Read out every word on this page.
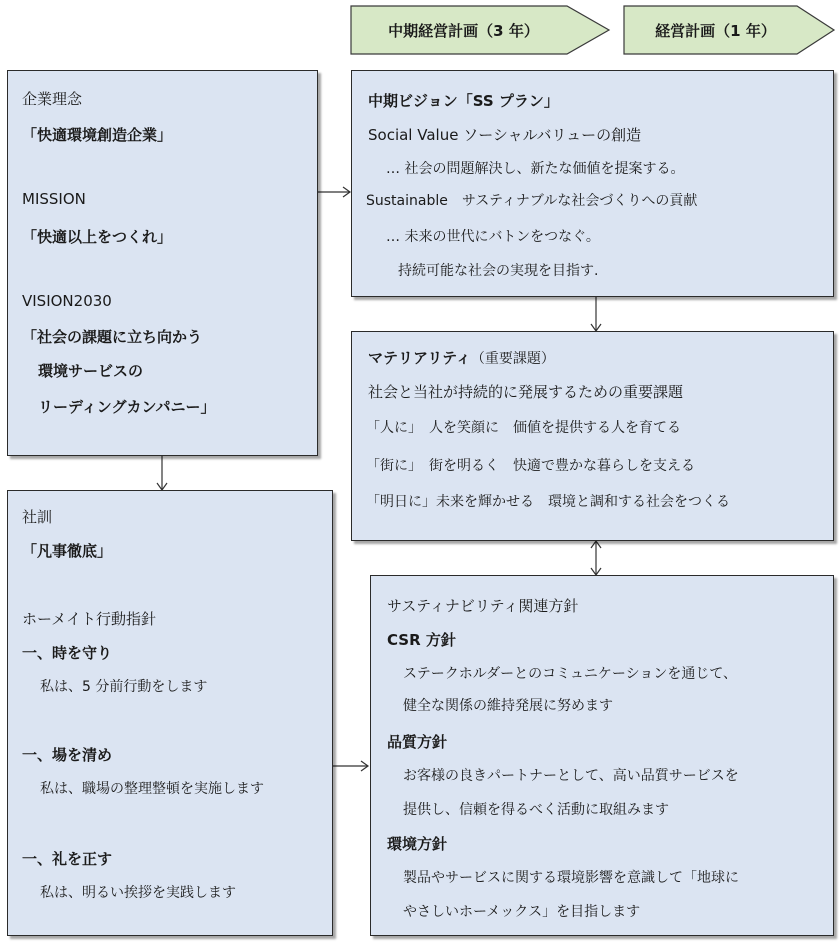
中期経営計画（3 年）	経営計画（1 年）
企業理念
「快適環境創造企業」
MISSION
「快適以上をつくれ」
VISION2030
「社会の課題に立ち向かう
環境サービスの
リーディングカンパニー」
社訓
「凡事徹底」
ホーメイト行動指針
一、時を守り
私は、5 分前行動をします
一、場を清め
私は、職場の整理整頓を実施します
一、礼を正す
私は、明るい挨拶を実践します
中期ビジョン「SS プラン」
Social Value ソーシャルバリューの創造
… 社会の問題解決し、新たな価値を提案する。
Sustainable　サスティナブルな社会づくりへの貢献
… 未来の世代にバトンをつなぐ。
持続可能な社会の実現を目指す.
マテリアリティ（重要課題）
社会と当社が持続的に発展するための重要課題
「人に」　人を笑顔に　価値を提供する人を育てる
「街に」　街を明るく　快適で豊かな暮らしを支える
「明日に」未来を輝かせる　環境と調和する社会をつくる
サスティナビリティ関連方針
CSR 方針
ステークホルダーとのコミュニケーションを通じて、
健全な関係の維持発展に努めます
品質方針
お客様の良きパートナーとして、高い品質サービスを
提供し、信頼を得るべく活動に取組みます
環境方針
製品やサービスに関する環境影響を意識して「地球に
やさしいホーメックス」を目指します
